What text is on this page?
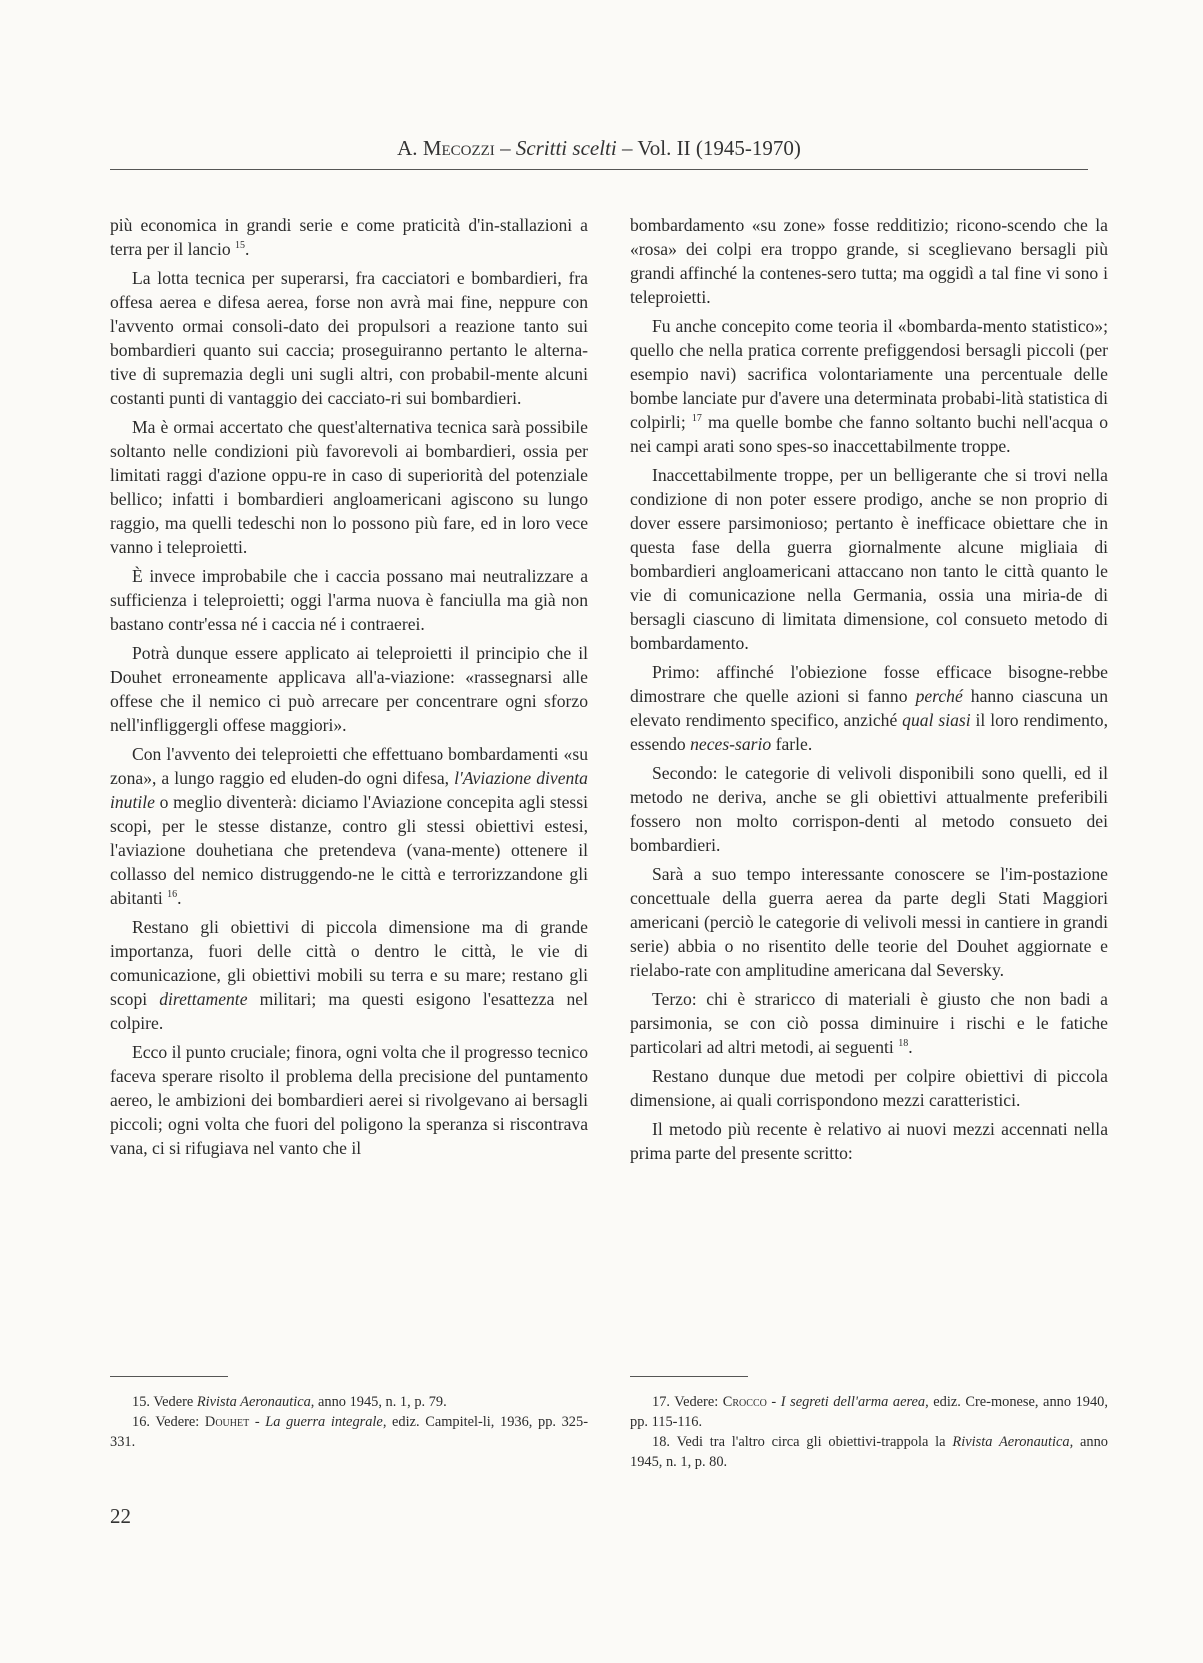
A. Mecozzi – Scritti scelti – Vol. II (1945-1970)

più economica in grandi serie e come praticità d'in-stallazioni a terra per il lancio $^{15}$.

La lotta tecnica per superarsi, fra cacciatori e bombardieri, fra offesa aerea e difesa aerea, forse non avrà mai fine, neppure con l'avvento ormai consoli-dato dei propulsori a reazione tanto sui bombardieri quanto sui caccia; proseguiranno pertanto le alterna-tive di supremazia degli uni sugli altri, con probabil-mente alcuni costanti punti di vantaggio dei cacciato-ri sui bombardieri.

Ma è ormai accertato che quest'alternativa tecnica sarà possibile soltanto nelle condizioni più favorevoli ai bombardieri, ossia per limitati raggi d'azione oppu-re in caso di superiorità del potenziale bellico; infatti i bombardieri angloamericani agiscono su lungo raggio, ma quelli tedeschi non lo possono più fare, ed in loro vece vanno i teleproietti.

È invece improbabile che i caccia possano mai neutralizzare a sufficienza i teleproietti; oggi l'arma nuova è fanciulla ma già non bastano contr'essa né i caccia né i contraerei.

Potrà dunque essere applicato ai teleproietti il principio che il Douhet erroneamente applicava all'a-viazione: «rassegnarsi alle offese che il nemico ci può arrecare per concentrare ogni sforzo nell'infliggergli offese maggiori».

Con l'avvento dei teleproietti che effettuano bombardamenti «su zona», a lungo raggio ed eluden-do ogni difesa, l'Aviazione diventa inutile o meglio diventerà: diciamo l'Aviazione concepita agli stessi scopi, per le stesse distanze, contro gli stessi obiettivi estesi, l'aviazione douhetiana che pretendeva (vana-mente) ottenere il collasso del nemico distruggendo-ne le città e terrorizzandone gli abitanti $^{16}$.

Restano gli obiettivi di piccola dimensione ma di grande importanza, fuori delle città o dentro le città, le vie di comunicazione, gli obiettivi mobili su terra e su mare; restano gli scopi direttamente militari; ma questi esigono l'esattezza nel colpire.

Ecco il punto cruciale; finora, ogni volta che il progresso tecnico faceva sperare risolto il problema della precisione del puntamento aereo, le ambizioni dei bombardieri aerei si rivolgevano ai bersagli piccoli; ogni volta che fuori del poligono la speranza si riscontrava vana, ci si rifugiava nel vanto che il

bombardamento «su zone» fosse redditizio; ricono-scendo che la «rosa» dei colpi era troppo grande, si sceglievano bersagli più grandi affinché la contenes-sero tutta; ma oggidì a tal fine vi sono i teleproietti.

Fu anche concepito come teoria il «bombarda-mento statistico»; quello che nella pratica corrente prefiggendosi bersagli piccoli (per esempio navi) sacrifica volontariamente una percentuale delle bombe lanciate pur d'avere una determinata probabi-lità statistica di colpirli; $^{17}$ ma quelle bombe che fanno soltanto buchi nell'acqua o nei campi arati sono spes-so inaccettabilmente troppe.

Inaccettabilmente troppe, per un belligerante che si trovi nella condizione di non poter essere prodigo, anche se non proprio di dover essere parsimonioso; pertanto è inefficace obiettare che in questa fase della guerra giornalmente alcune migliaia di bombardieri angloamericani attaccano non tanto le città quanto le vie di comunicazione nella Germania, ossia una miria-de di bersagli ciascuno di limitata dimensione, col consueto metodo di bombardamento.

Primo: affinché l'obiezione fosse efficace bisogne-rebbe dimostrare che quelle azioni si fanno perché hanno ciascuna un elevato rendimento specifico, anziché qual siasi il loro rendimento, essendo neces-sario farle.

Secondo: le categorie di velivoli disponibili sono quelli, ed il metodo ne deriva, anche se gli obiettivi attualmente preferibili fossero non molto corrispon-denti al metodo consueto dei bombardieri.

Sarà a suo tempo interessante conoscere se l'im-postazione concettuale della guerra aerea da parte degli Stati Maggiori americani (perciò le categorie di velivoli messi in cantiere in grandi serie) abbia o no risentito delle teorie del Douhet aggiornate e rielabo-rate con amplitudine americana dal Seversky.

Terzo: chi è straricco di materiali è giusto che non badi a parsimonia, se con ciò possa diminuire i rischi e le fatiche particolari ad altri metodi, ai seguenti $^{18}$.

Restano dunque due metodi per colpire obiettivi di piccola dimensione, ai quali corrispondono mezzi caratteristici.

Il metodo più recente è relativo ai nuovi mezzi accennati nella prima parte del presente scritto:

15. Vedere Rivista Aeronautica, anno 1945, n. 1, p. 79.

16. Vedere: Douhet - La guerra integrale, ediz. Campitel-li, 1936, pp. 325-331.

17. Vedere: Crocco - I segreti dell'arma aerea, ediz. Cre-monese, anno 1940, pp. 115-116.

18. Vedi tra l'altro circa gli obiettivi-trappola la Rivista Aeronautica, anno 1945, n. 1, p. 80.

22
